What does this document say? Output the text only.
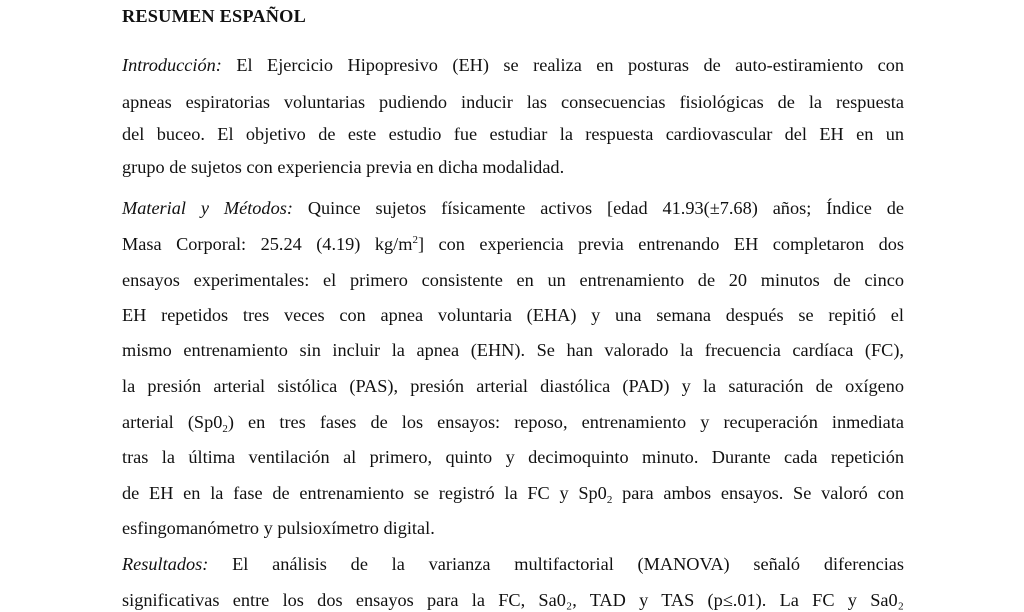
RESUMEN ESPAÑOL
Introducción: El Ejercicio Hipopresivo (EH) se realiza en posturas de auto-estiramiento con
apneas espiratorias voluntarias pudiendo inducir las consecuencias fisiológicas de la respuesta
del buceo. El objetivo de este estudio fue estudiar la respuesta cardiovascular del EH en un
grupo de sujetos con experiencia previa en dicha modalidad.
Material y Métodos: Quince sujetos físicamente activos [edad 41.93(±7.68) años; Índice de
Masa Corporal: 25.24 (4.19) $kg/m^2$] con experiencia previa entrenando EH completaron dos
ensayos experimentales: el primero consistente en un entrenamiento de 20 minutos de cinco
EH repetidos tres veces con apnea voluntaria (EHA) y una semana después se repitió el
mismo entrenamiento sin incluir la apnea (EHN). Se han valorado la frecuencia cardíaca (FC),
la presión arterial sistólica (PAS), presión arterial diastólica (PAD) y la saturación de oxígeno
arterial $(Sp0_2)$ en tres fases de los ensayos: reposo, entrenamiento y recuperación inmediata
tras la última ventilación al primero, quinto y decimoquinto minuto. Durante cada repetición
de EH en la fase de entrenamiento se registró la FC y $Sp0_2$ para ambos ensayos. Se valoró con
esfingomanómetro y pulsioxímetro digital.
Resultados: El análisis de la varianza multifactorial (MANOVA) señaló diferencias
significativas entre los dos ensayos para la FC, Sa0₂, TAD y TAS (p≤.01). La FC y Sa0₂
